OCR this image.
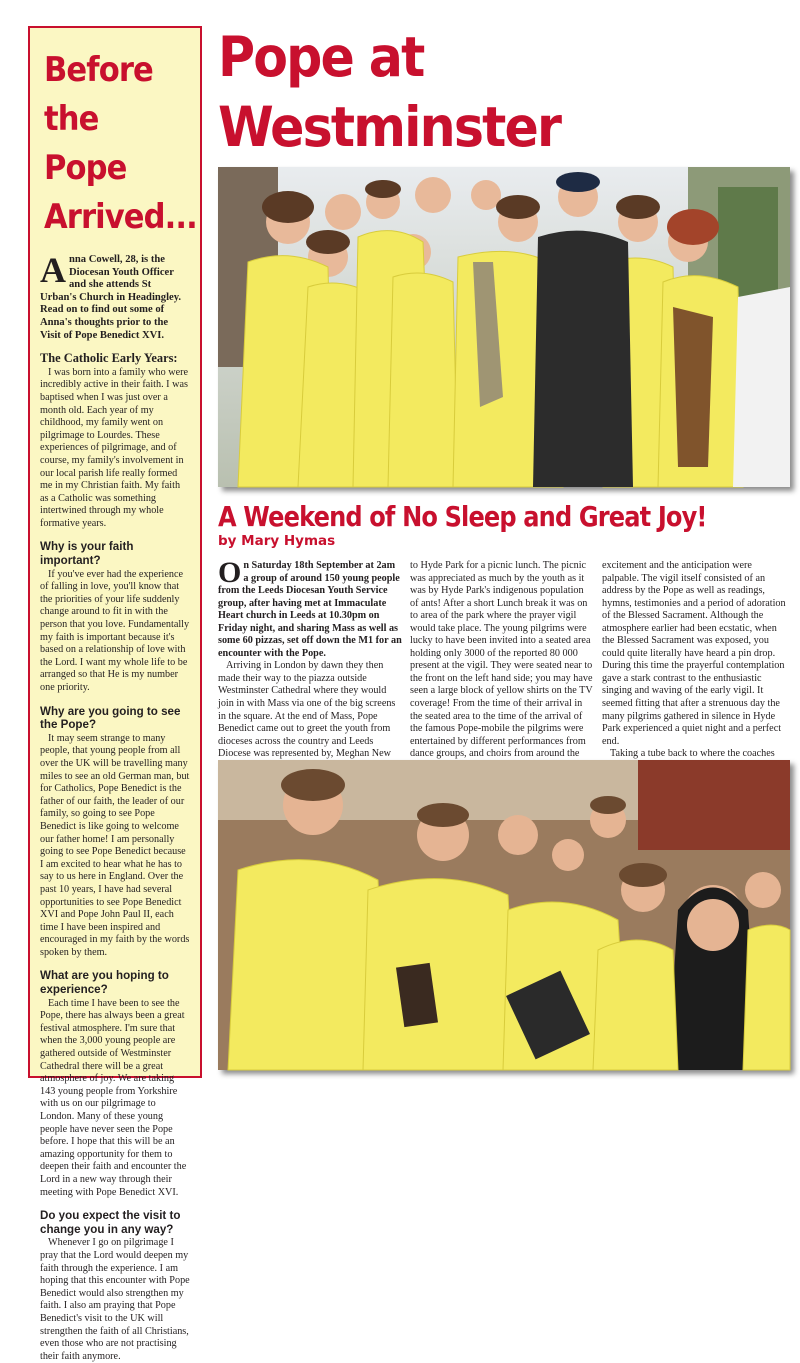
Before
the
Pope
Arrived...

Anna Cowell, 28, is the Diocesan Youth Officer and she attends St Urban's Church in Headingley. Read on to find out some of Anna's thoughts prior to the Visit of Pope Benedict XVI.

The Catholic Early Years:

I was born into a family who were incredibly active in their faith. I was baptised when I was just over a month old. Each year of my childhood, my family went on pilgrimage to Lourdes. These experiences of pilgrimage, and of course, my family's involvement in our local parish life really formed me in my Christian faith. My faith as a Catholic was something intertwined through my whole formative years.

Why is your faith important?

If you've ever had the experience of falling in love, you'll know that the priorities of your life suddenly change around to fit in with the person that you love. Fundamentally my faith is important because it's based on a relationship of love with the Lord. I want my whole life to be arranged so that He is my number one priority.

Why are you going to see the Pope?

It may seem strange to many people, that young people from all over the UK will be travelling many miles to see an old German man, but for Catholics, Pope Benedict is the father of our faith, the leader of our family, so going to see Pope Benedict is like going to welcome our father home! I am personally going to see Pope Benedict because I am excited to hear what he has to say to us here in England. Over the past 10 years, I have had several opportunities to see Pope Benedict XVI and Pope John Paul II, each time I have been inspired and encouraged in my faith by the words spoken by them.

What are you hoping to experience?

Each time I have been to see the Pope, there has always been a great festival atmosphere. I'm sure that when the 3,000 young people are gathered outside of Westminster Cathedral there will be a great atmosphere of joy. We are taking 143 young people from Yorkshire with us on our pilgrimage to London. Many of these young people have never seen the Pope before. I hope that this will be an amazing opportunity for them to deepen their faith and encounter the Lord in a new way through their meeting with Pope Benedict XVI.

Do you expect the visit to change you in any way?

Whenever I go on pilgrimage I pray that the Lord would deepen my faith through the experience. I am hoping that this encounter with Pope Benedict would also strengthen my faith. I also am praying that Pope Benedict's visit to the UK will strengthen the faith of all Christians, even those who are not practising their faith anymore.

Pope at Westminster
A Weekend of No Sleep and Great Joy!

by Mary Hymas

On Saturday 18th September at 2am a group of around 150 young people from the Leeds Diocesan Youth Service group, after having met at Immaculate Heart church in Leeds at 10.30pm on Friday night, and sharing Mass as well as some 60 pizzas, set off down the M1 for an encounter with the Pope.

Arriving in London by dawn they then made their way to the piazza outside Westminster Cathedral where they would join in with Mass via one of the big screens in the square. At the end of Mass, Pope Benedict came out to greet the youth from dioceses across the country and Leeds Diocese was represented by, Meghan New

to Hyde Park for a picnic lunch. The picnic was appreciated as much by the youth as it was by Hyde Park's indigenous population of ants! After a short Lunch break it was on to area of the park where the prayer vigil would take place. The young pilgrims were lucky to have been invited into a seated area holding only 3000 of the reported 80 000 present at the vigil. They were seated near to the front on the left hand side; you may have seen a large block of yellow shirts on the TV coverage! From the time of their arrival in the seated area to the time of the arrival of the famous Pope-mobile the pilgrims were entertained by different performances from dance groups, and choirs from around the

excitement and the anticipation were palpable. The vigil itself consisted of an address by the Pope as well as readings, hymns, testimonies and a period of adoration of the Blessed Sacrament. Although the atmosphere earlier had been ecstatic, when the Blessed Sacrament was exposed, you could quite literally have heard a pin drop. During this time the prayerful contemplation gave a stark contrast to the enthusiastic singing and waving of the early vigil. It seemed fitting that after a strenuous day the many pilgrims gathered in silence in Hyde Park experienced a quiet night and a perfect end.

Taking a tube back to where the coaches
